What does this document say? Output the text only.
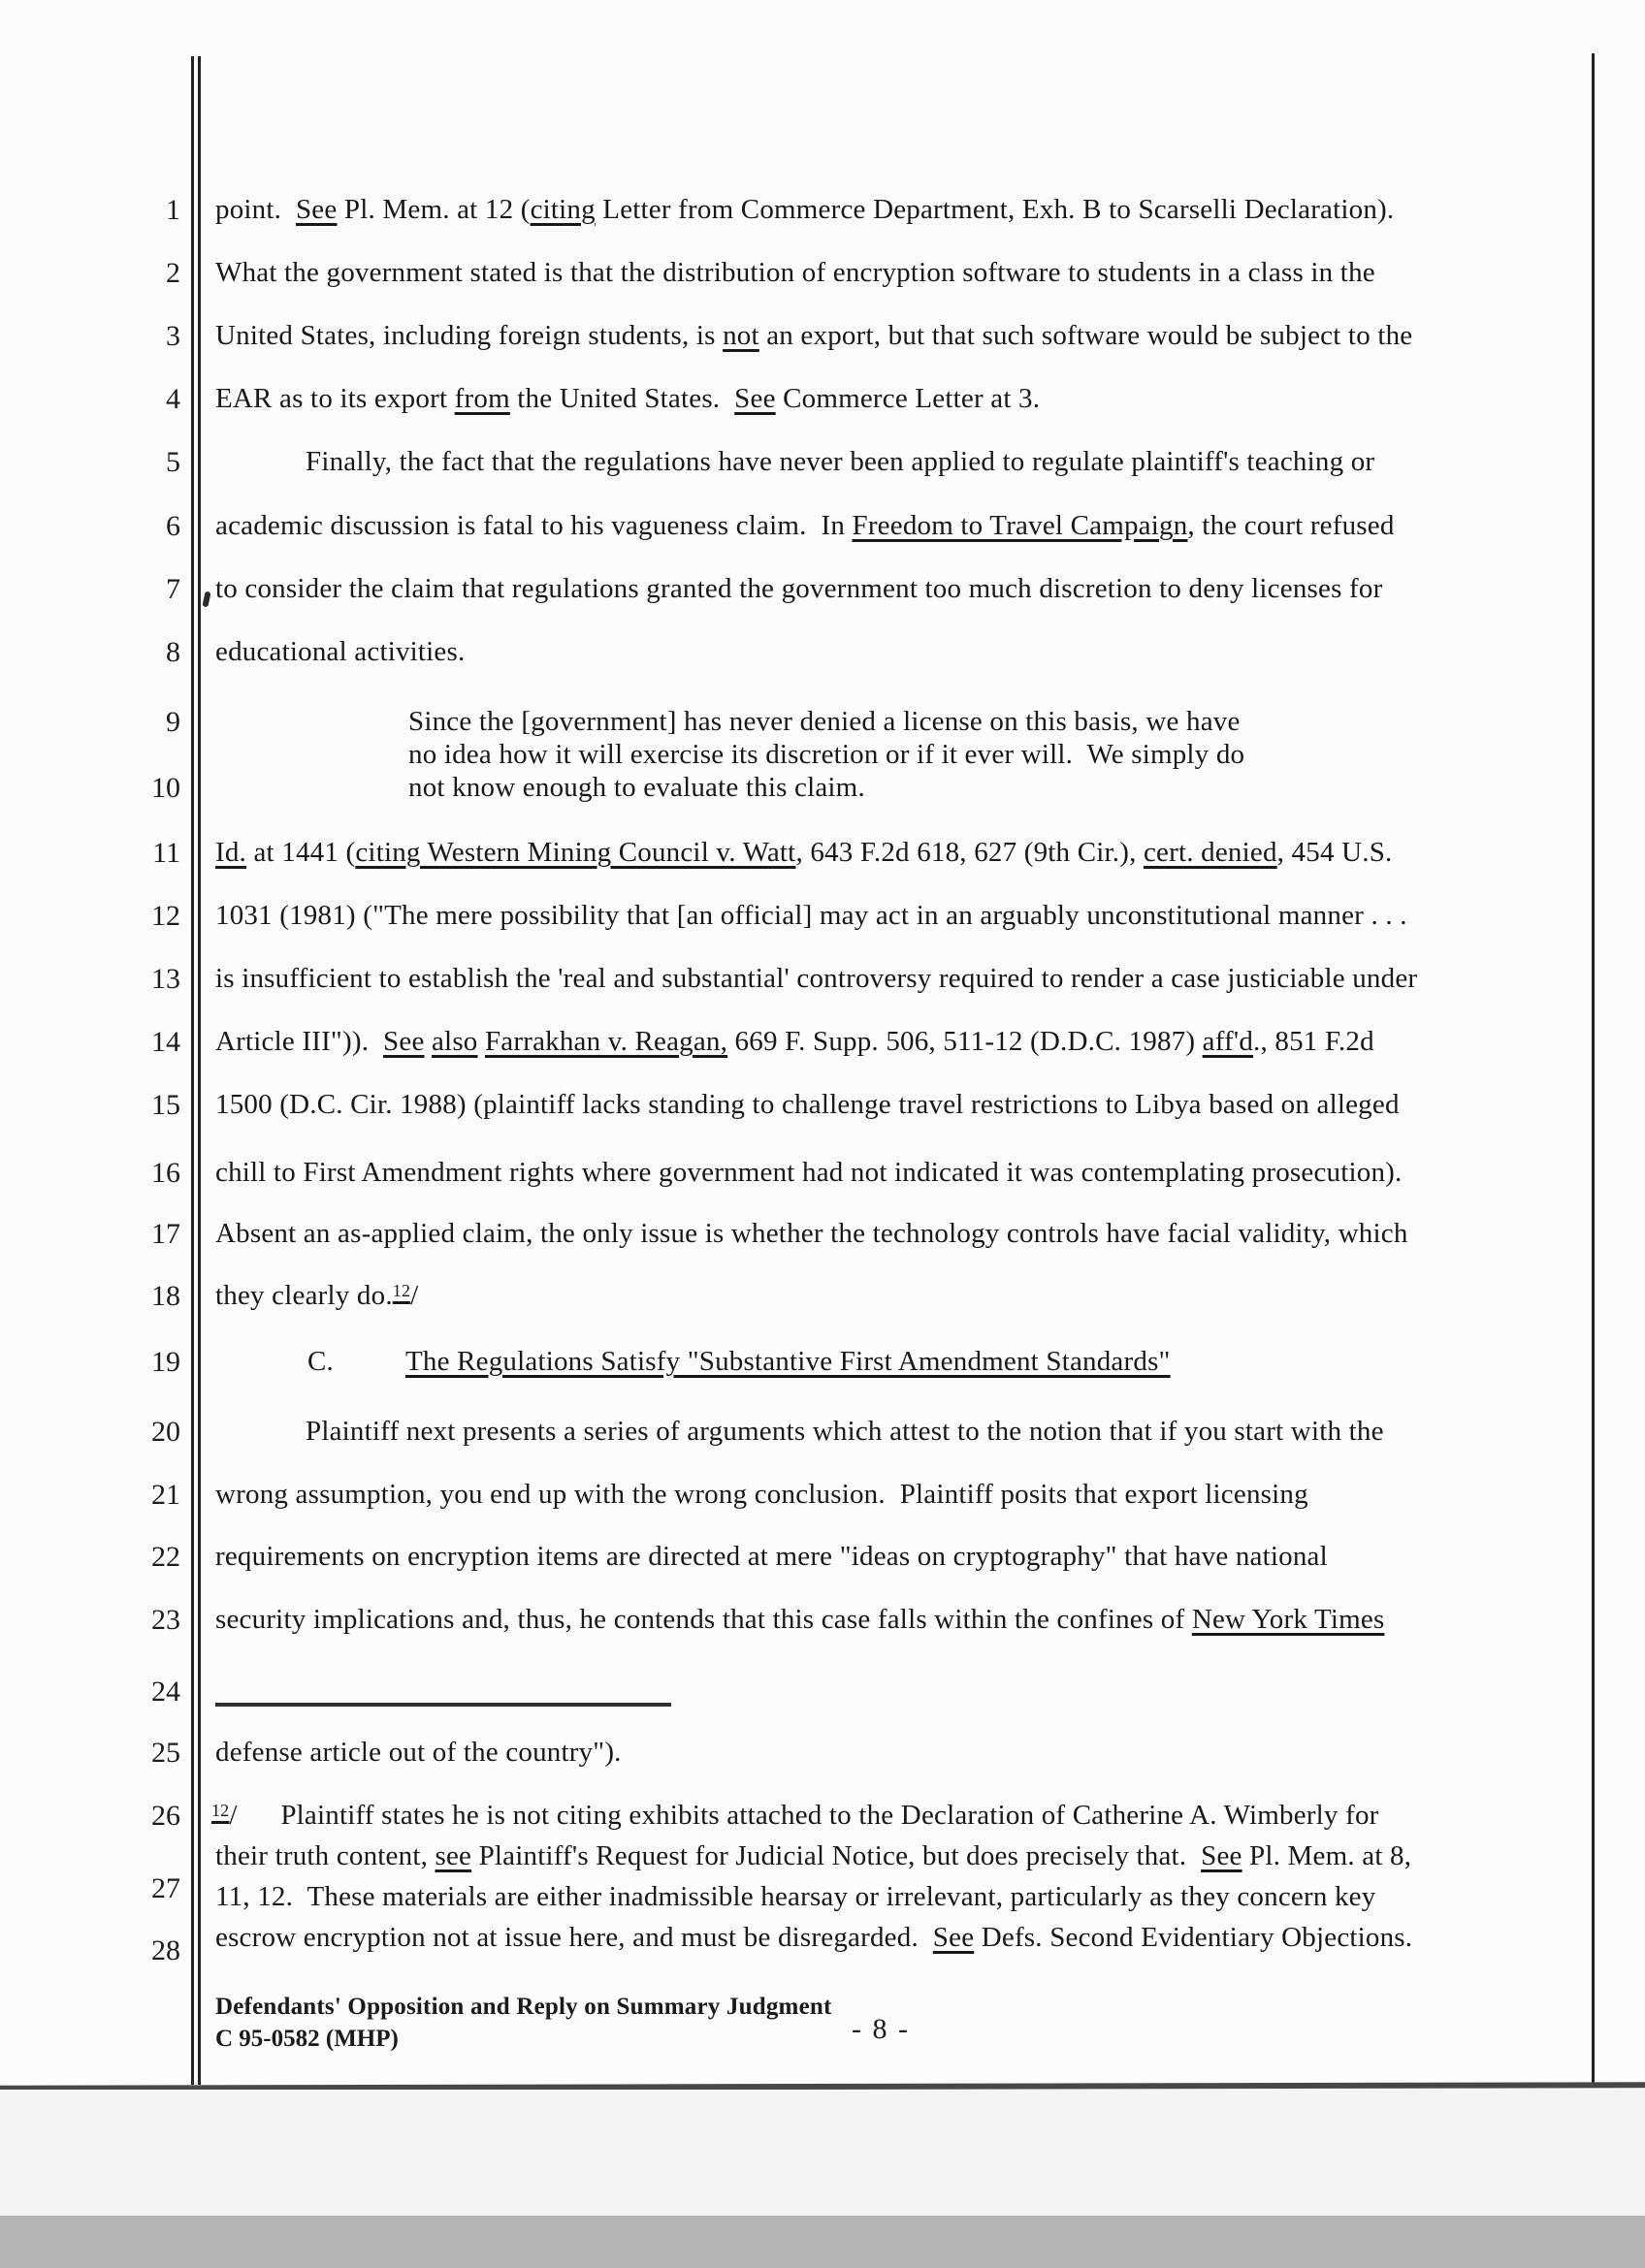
Defendants' Opposition and Reply on Summary Judgment
C 95-0582 (MHP)	- 8 -
1
2
3
4
5
6
7
8
9
10
11
12
13
14
15
16
17
18
19
20
21
22
23
24
25
26
27
28
point.  See Pl. Mem. at 12 (citing Letter from Commerce Department, Exh. B to Scarselli Declaration).
What the government stated is that the distribution of encryption software to students in a class in the
United States, including foreign students, is not an export, but that such software would be subject to the
EAR as to its export from the United States.  See Commerce Letter at 3.
Finally, the fact that the regulations have never been applied to regulate plaintiff's teaching or
academic discussion is fatal to his vagueness claim.  In Freedom to Travel Campaign, the court refused
to consider the claim that regulations granted the government too much discretion to deny licenses for
educational activities.
Since the [government] has never denied a license on this basis, we have
no idea how it will exercise its discretion or if it ever will.  We simply do
not know enough to evaluate this claim.
Id. at 1441 (citing Western Mining Council v. Watt, 643 F.2d 618, 627 (9th Cir.), cert. denied, 454 U.S.
1031 (1981) ("The mere possibility that [an official] may act in an arguably unconstitutional manner . . .
is insufficient to establish the 'real and substantial' controversy required to render a case justiciable under
Article III")).  See also Farrakhan v. Reagan, 669 F. Supp. 506, 511-12 (D.D.C. 1987) aff'd., 851 F.2d
1500 (D.C. Cir. 1988) (plaintiff lacks standing to challenge travel restrictions to Libya based on alleged
chill to First Amendment rights where government had not indicated it was contemplating prosecution).
Absent an as-applied claim, the only issue is whether the technology controls have facial validity, which
they clearly do.$^{12}$/
C.          The Regulations Satisfy "Substantive First Amendment Standards"
Plaintiff next presents a series of arguments which attest to the notion that if you start with the
wrong assumption, you end up with the wrong conclusion.  Plaintiff posits that export licensing
requirements on encryption items are directed at mere "ideas on cryptography" that have national
security implications and, thus, he contends that this case falls within the confines of New York Times
defense article out of the country").
$^{12}$/      Plaintiff states he is not citing exhibits attached to the Declaration of Catherine A. Wimberly for
their truth content, see Plaintiff's Request for Judicial Notice, but does precisely that.  See Pl. Mem. at 8,
11, 12.  These materials are either inadmissible hearsay or irrelevant, particularly as they concern key
escrow encryption not at issue here, and must be disregarded.  See Defs. Second Evidentiary Objections.
